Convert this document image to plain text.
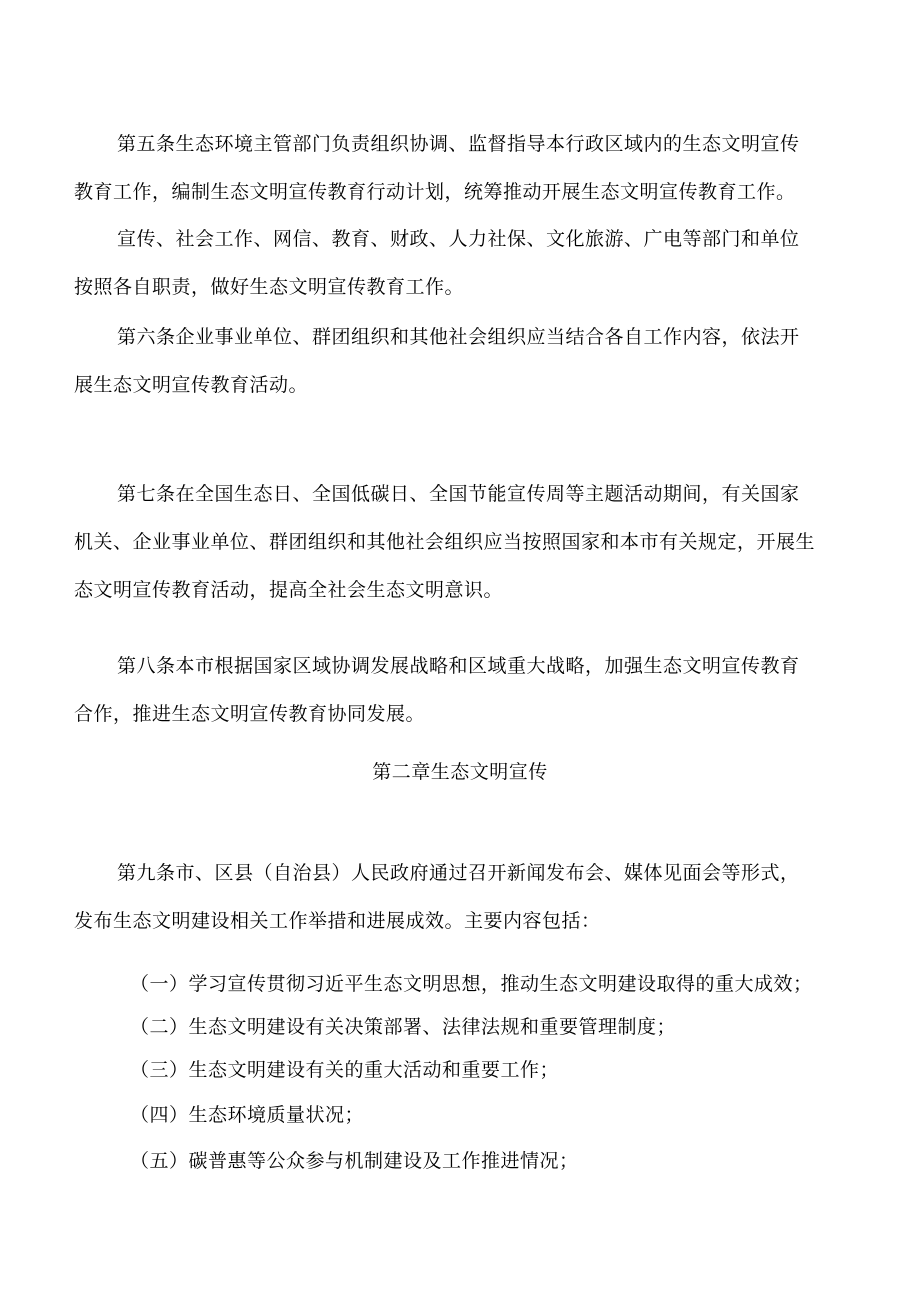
第五条生态环境主管部门负责组织协调、监督指导本行政区域内的生态文明宣传
教育工作，编制生态文明宣传教育行动计划，统筹推动开展生态文明宣传教育工作。

宣传、社会工作、网信、教育、财政、人力社保、文化旅游、广电等部门和单位
按照各自职责，做好生态文明宣传教育工作。

第六条企业事业单位、群团组织和其他社会组织应当结合各自工作内容，依法开
展生态文明宣传教育活动。

第七条在全国生态日、全国低碳日、全国节能宣传周等主题活动期间，有关国家
机关、企业事业单位、群团组织和其他社会组织应当按照国家和本市有关规定，开展生
态文明宣传教育活动，提高全社会生态文明意识。

第八条本市根据国家区域协调发展战略和区域重大战略，加强生态文明宣传教育
合作，推进生态文明宣传教育协同发展。

第二章生态文明宣传

第九条市、区县（自治县）人民政府通过召开新闻发布会、媒体见面会等形式，
发布生态文明建设相关工作举措和进展成效。主要内容包括：

（一）学习宣传贯彻习近平生态文明思想，推动生态文明建设取得的重大成效；

（二）生态文明建设有关决策部署、法律法规和重要管理制度；

（三）生态文明建设有关的重大活动和重要工作；

（四）生态环境质量状况；

（五）碳普惠等公众参与机制建设及工作推进情况；
